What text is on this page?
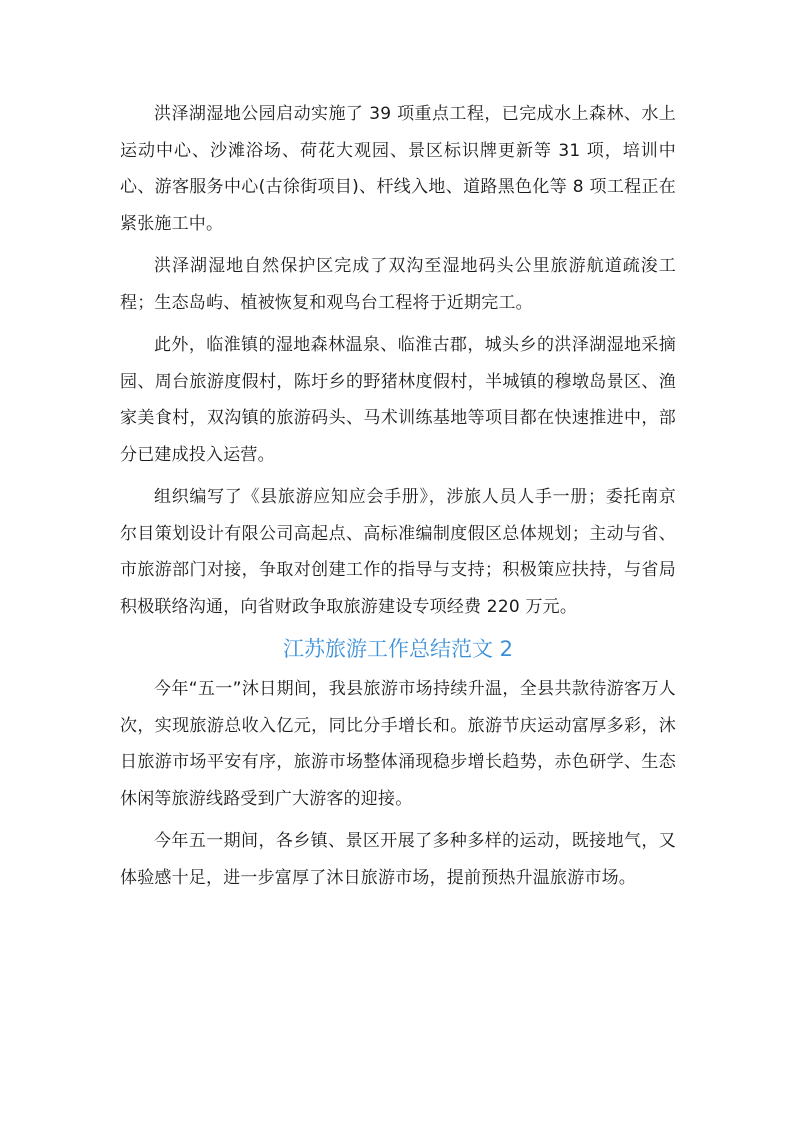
洪泽湖湿地公园启动实施了 39 项重点工程，已完成水上森林、水上运动中心、沙滩浴场、荷花大观园、景区标识牌更新等 31 项，培训中心、游客服务中心(古徐街项目)、杆线入地、道路黑色化等 8 项工程正在紧张施工中。

洪泽湖湿地自然保护区完成了双沟至湿地码头公里旅游航道疏浚工程；生态岛屿、植被恢复和观鸟台工程将于近期完工。

此外，临淮镇的湿地森林温泉、临淮古郡，城头乡的洪泽湖湿地采摘园、周台旅游度假村，陈圩乡的野猪林度假村，半城镇的穆墩岛景区、渔家美食村，双沟镇的旅游码头、马术训练基地等项目都在快速推进中，部分已建成投入运营。

组织编写了《县旅游应知应会手册》，涉旅人员人手一册；委托南京尔目策划设计有限公司高起点、高标准编制度假区总体规划；主动与省、市旅游部门对接，争取对创建工作的指导与支持；积极策应扶持，与省局积极联络沟通，向省财政争取旅游建设专项经费 220 万元。

江苏旅游工作总结范文 2

今年“五一”沐日期间，我县旅游市场持续升温，全县共款待游客万人次，实现旅游总收入亿元，同比分手增长和。旅游节庆运动富厚多彩，沐日旅游市场平安有序，旅游市场整体涌现稳步增长趋势，赤色研学、生态休闲等旅游线路受到广大游客的迎接。

今年五一期间，各乡镇、景区开展了多种多样的运动，既接地气，又体验感十足，进一步富厚了沐日旅游市场，提前预热升温旅游市场。
